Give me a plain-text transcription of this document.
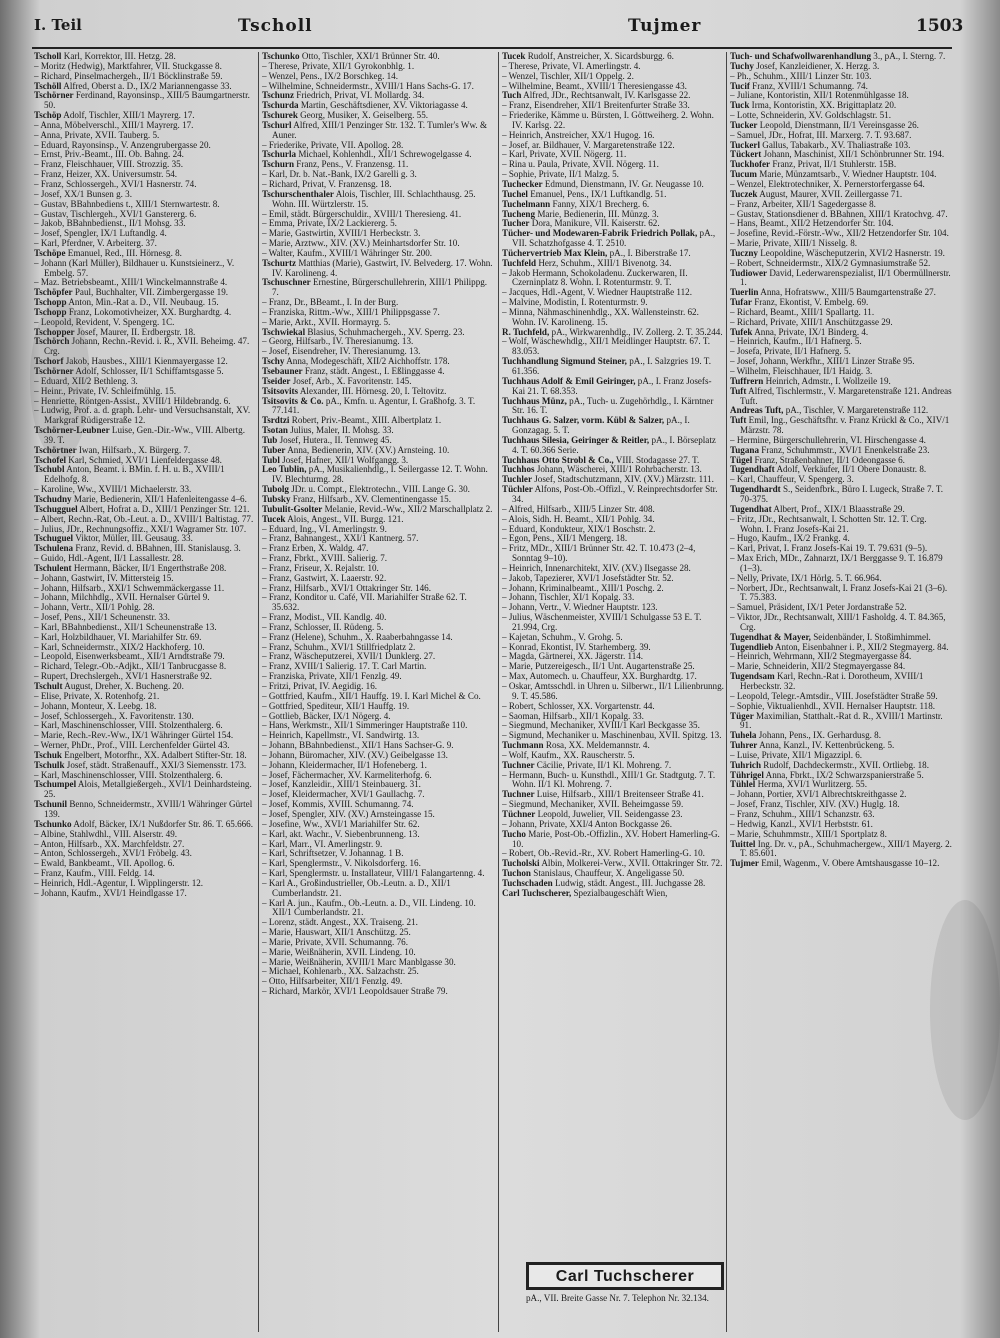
I. Teil	Tscholl	Tujmer	1503

Tscholl Karl, Korrektor, III. Hetzg. 28.

– Moritz (Hedwig), Marktfahrer, VII. Stuckgasse 8.

– Richard, Pinselmachergeh., II/1 Böcklinstraße 59.

Tschöll Alfred, Oberst a. D., IX/2 Mariannengasse 33.

Tschörner Ferdinand, Rayonsinsp., XIII/5 Baumgartnerstr. 50.

Tschöp Adolf, Tischler, XIII/1 Mayrerg. 17.

– Anna, Möbelverschl., XIII/1 Mayrerg. 17.

– Anna, Private, XVII. Tauberg. 5.

– Eduard, Rayonsinsp., V. Anzengrubergasse 20.

– Ernst, Priv.-Beamt., III. Ob. Bahng. 24.

– Franz, Fleischhauer, VIII. Strozzig. 35.

– Franz, Heizer, XX. Universumstr. 54.

– Franz, Schlossergeh., XVI/1 Hasnerstr. 74.

– Josef, XX/1 Bunsen g. 3.

– Gustav, BBahnbediens t., XIII/1 Sternwartestr. 8.

– Gustav, Tischlergeh., XVI/1 Ganstererg. 6.

– Jakob, BBahnbedienst., II/1 Mohsg. 33.

– Josef, Spengler, IX/1 Luftandlg. 4.

– Karl, Pferdner, V. Arbeiterg. 37.

Tschöpe Emanuel, Red., III. Hörnesg. 8.

– Johann (Karl Müller), Bildhauer u. Kunstsieinerz., V. Embelg. 57.

– Maz. Betriebsbeamt., XIII/1 Winckelmannstraße 4.

Tschöpfer Paul, Buchhalter, VII. Zimbergergasse 19.

Tschopp Anton, Min.-Rat a. D., VII. Neubaug. 15.

Tschopp Franz, Lokomotivheizer, XX. Burghardtg. 4.

– Leopold, Revident, V. Spengerg. 1C.

Tschopper Josef, Maurer, II. Erdbergstr. 18.

Tschörch Johann, Rechn.-Revid. i. R., XVII. Beheimg. 47. Crg.

Tschorf Jakob, Hausbes., XIII/1 Kienmayergasse 12.

Tschörner Adolf, Schlosser, II/1 Schiffamtsgasse 5.

– Eduard, XII/2 Bethleng. 3.

– Heinr., Private, IV. Schleifmühlg. 15.

– Henriette, Röntgen-Assist., XVIII/1 Hildebrandg. 6.

– Ludwig, Prof. a. d. graph. Lehr- und Versuchsanstalt, XV. Markgraf Rüdigerstraße 12.

Tschörner-Leubner Luise, Gen.-Dir.-Ww., VIII. Albertg. 39. T.

Tschörtner Iwan, Hilfsarb., X. Bürgerg. 7.

Tschofel Karl, Schmied, XVI/1 Lienfeldergasse 48.

Tschubl Anton, Beamt. i. BMin. f. H. u. B., XVIII/1 Edelhofg. 8.

– Karoline, Ww., XVIII/1 Michaelerstr. 33.

Tschudny Marie, Bedienerin, XII/1 Hafenleitengasse 4–6.

Tschugguel Albert, Hofrat a. D., XIII/1 Penzinger Str. 121.

– Albert, Rechn.-Rat, Ob.-Leut. a. D., XVIII/1 Baltistag. 77.

– Julius, JDr., Rechnungsoffiz., XXI/1 Wagramer Str. 107.

Tschuguel Viktor, Müller, III. Geusaug. 33.

Tschulena Franz, Revid. d. BBahnen, III. Stanislausg. 3.

– Guido, Hdl.-Agent, II/1 Lassallestr. 28.

Tschulent Hermann, Bäcker, II/1 Engerthstraße 208.

– Johann, Gastwirt, IV. Mittersteig 15.

– Johann, Hilfsarb., XXI/1 Schwemmäckergasse 11.

– Johann, Milchhdlg., XVII. Hernalser Gürtel 9.

– Johann, Vertr., XII/1 Pohlg. 28.

– Josef, Pens., XII/1 Scheunenstr. 33.

– Karl, BBahnbedienst., XII/1 Scheunenstraße 13.

– Karl, Holzbildhauer, VI. Mariahilfer Str. 69.

– Karl, Schneidermstr., XIX/2 Hackhoferg. 10.

– Leopold, Eisenwerksbeamt., XII/1 Arndtstraße 79.

– Richard, Telegr.-Ob.-Adjkt., XII/1 Tanbrucgasse 8.

– Rupert, Drechslergeh., XVI/1 Hasnerstraße 92.

Tschult August, Dreher, X. Bucheng. 20.

– Elise, Private, X. Rotenhofg. 21.

– Johann, Monteur, X. Leebg. 18.

– Josef, Schlossergeh., X. Favoritenstr. 130.

– Karl, Maschinenschlosser, VIII. Stolzenthalerg. 6.

– Marie, Rech.-Rev.-Ww., IX/1 Währinger Gürtel 154.

– Werner, PhDr., Prof., VIII. Lerchenfelder Gürtel 43.

Tschuk Engelbert, Motorfhr., XX. Adalbert Stifter-Str. 18.

Tschulk Josef, städt. Straßenauff., XXI/3 Siemensstr. 173.

– Karl, Maschinenschlosser, VIII. Stolzenthalerg. 6.

Tschumpel Alois, Metallgießergeh., XVI/1 Deinhardsteing. 25.

Tschunil Benno, Schneidermstr., XVIII/1 Währinger Gürtel 139.

Tschunko Adolf, Bäcker, IX/1 Nußdorfer Str. 86. T. 65.666.

– Albine, Stahlwdhl., VIII. Alserstr. 49.

– Anton, Hilfsarb., XX. Marchfeldstr. 27.

– Anton, Schlossergeh., XVI/1 Fröbelg. 43.

– Ewald, Bankbeamt., VII. Apollog. 6.

– Franz, Kaufm., VIII. Feldg. 14.

– Heinrich, Hdl.-Agentur, I. Wipplingerstr. 12.

– Johann, Kaufm., XVI/1 Heindlgasse 17.

Tschunko Otto, Tischler, XXI/1 Brünner Str. 40.

– Therese, Private, XII/1 Gyrokonbhlg. 1.

– Wenzel, Pens., IX/2 Borschkeg. 14.

– Wilhelmine, Schneidermstr., XVIII/1 Hans Sachs-G. 17.

Tschunz Friedrich, Privat, VI. Mollardg. 34.

Tschurda Martin, Geschäftsdiener, XV. Viktoriagasse 4.

Tschurek Georg, Musiker, X. Geiselberg. 55.

Tschurl Alfred, XIII/1 Penzinger Str. 132. T. Tumler's Ww. & Auner.

– Friederike, Private, VII. Apollog. 28.

Tschurla Michael, Kohlenhdl., XII/1 Schrewogelgasse 4.

Tschurn Franz, Pens., V. Franzensg. 11.

– Karl, Dr. b. Nat.-Bank, IX/2 Garelli g. 3.

– Richard, Privat, V. Franzensg. 18.

Tschurschenthaler Alois, Tischler, III. Schlachthausg. 25. Wohn. III. Würtzlerstr. 15.

– Emil, städt. Bürgerschuldir., XVIII/1 Theresieng. 41.

– Emma, Private, IX/2 Lackiererg. 5.

– Marie, Gastwirtin, XVIII/1 Herbeckstr. 3.

– Marie, Arztww., XIV. (XV.) Meinhartsdorfer Str. 10.

– Walter, Kaufm., XVIII/1 Währinger Str. 200.

Tschurtz Matthias (Marie), Gastwirt, IV. Belvederg. 17. Wohn. IV. Karolineng. 4.

Tschuschner Ernestine, Bürgerschullehrerin, XIII/1 Philippg. 7.

– Franz, Dr., BBeamt., I. In der Burg.

– Franziska, Rittm.-Ww., XIII/1 Philippsgasse 7.

– Marie, Arkt., XVII. Hormayrg. 5.

Tschwiekal Blasius, Schuhmachergeh., XV. Sperrg. 23.

– Georg, Hilfsarb., IV. Theresianumg. 13.

– Josef, Eisendreher, IV. Theresianumg. 13.

Tschy Anna, Modegeschäft, XII/2 Aichhoffstr. 178.

Tsebauner Franz, städt. Angest., I. Eßlinggasse 4.

Tseider Josef, Arb., X. Favoritenstr. 145.

Tsitsovits Alexander, III. Hörnesg. 20, I. Teltovitz.

Tsitsovits & Co. pA., Kmfn. u. Agentur, I. Graßhofg. 3. T. 77.141.

Tsrdtzi Robert, Priv.-Beamt., XIII. Albertplatz 1.

Tsotan Julius, Maler, II. Mohsg. 33.

Tub Josef, Hutera., II. Tennweg 45.

Tuber Anna, Bedienerin, XIV. (XV.) Arnsteing. 10.

Tubl Josef, Hafner, XII/1 Wolfgangg. 3.

Leo Tublin, pA., Musikalienhdlg., I. Seilergasse 12. T. Wohn. IV. Blechturmg. 28.

Tubolg JDr. u. Compt., Elektrotechn., VIII. Lange G. 30.

Tubsky Franz, Hilfsarb., XV. Clementinengasse 15.

Tubulit-Gsolter Melanie, Revid.-Ww., XII/2 Marschallplatz 2.

Tucek Alois, Angest., VII. Burgg. 121.

– Eduard, Ing., VI. Amerlingstr. 9.

– Franz, Bahnangest., XXI/1 Kantnerg. 57.

– Franz Erben, X. Waldg. 47.

– Franz, Fbrkt., XVIII. Salierig. 7.

– Franz, Friseur, X. Rejalstr. 10.

– Franz, Gastwirt, X. Laaerstr. 92.

– Franz, Hilfsarb., XVI/1 Ottakringer Str. 146.

– Franz, Konditor u. Café, VII. Mariahilfer Straße 62. T. 35.632.

– Franz, Modist., VII. Kandlg. 40.

– Franz, Schlosser, II. Rüdeng. 5.

– Franz (Helene), Schuhm., X. Raaberbahngasse 14.

– Franz, Schuhm., XVI/1 Stillfriedplatz 2.

– Franz, Wäscheputzerei, XVII/1 Dunklerg. 27.

– Franz, XVIII/1 Salierig. 17. T. Carl Martin.

– Franziska, Private, XII/1 Fenzlg. 49.

– Fritzi, Privat, IV. Aegidig. 16.

– Gottfried, Kaufm., XII/1 Hauffg. 19. I. Karl Michel & Co.

– Gottfried, Spediteur, XII/1 Hauffg. 19.

– Gottlieb, Bäcker, IX/1 Nögerg. 4.

– Hans, Werkmstr., XII/1 Simmeringer Hauptstraße 110.

– Heinrich, Kapellmstr., VI. Sandwirtg. 13.

– Johann, BBahnbedienst., XII/1 Hans Sachser-G. 9.

– Johann, Büromacher, XIV. (XV.) Geibelgasse 13.

– Johann, Kleidermacher, II/1 Hofeneberg. 1.

– Josef, Fächermacher, XV. Karmeliterhofg. 6.

– Josef, Kanzleidir., XIII/1 Steinbauerg. 31.

– Josef, Kleidermacher, XVI/1 Gaullachg. 7.

– Josef, Kommis, XVIII. Schumanng. 74.

– Josef, Spengler, XIV. (XV.) Arnsteingasse 15.

– Josefine, Ww., XVI/1 Mariahilfer Str. 62.

– Karl, akt. Wachr., V. Siebenbrunneng. 13.

– Karl, Marr., VI. Amerlingstr. 9.

– Karl, Schriftsetzer, V. Johannag. 1 B.

– Karl, Spenglermstr., V. Nikolsdorferg. 16.

– Karl, Spenglermstr. u. Installateur, VIII/1 Falangartenng. 4.

– Karl A., Großindustrieller, Ob.-Leutn. a. D., XII/1 Cumberlandstr. 21.

– Karl A. jun., Kaufm., Ob.-Leutn. a. D., VII. Lindeng. 10. XII/1 Cumberlandstr. 21.

– Lorenz, städt. Angest., XX. Traiseng. 21.

– Marie, Hauswart, XII/1 Anschützg. 25.

– Marie, Private, XVII. Schumanng. 76.

– Marie, Weißnäherin, XVII. Lindeng. 10.

– Marie, Weißnäherin, XVIII/1 Marc Manblgasse 30.

– Michael, Kohlenarb., XX. Salzachstr. 25.

– Otto, Hilfsarbeiter, XII/1 Fenzlg. 49.

– Richard, Markör, XVI/1 Leopoldsauer Straße 79.

Tucek Rudolf, Anstreicher, X. Sicardsburgg. 6.

– Therese, Private, VI. Amerlingstr. 4.

– Wenzel, Tischler, XII/1 Oppelg. 2.

– Wilhelmine, Beamt., XVIII/1 Theresiengasse 43.

Tuch Alfred, JDr., Rechtsanwalt, IV. Karlsgasse 22.

– Franz, Eisendreher, XII/1 Breitenfurter Straße 33.

– Friederike, Kämme u. Bürsten, I. Göttweiherg. 2. Wohn. IV. Karlsg. 22.

– Heinrich, Anstreicher, XX/1 Hugog. 16.

– Josef, ar. Bildhauer, V. Margaretenstraße 122.

– Karl, Private, XVII. Nögerg. 11.

– Rina u. Paula, Private, XVII. Nögerg. 11.

– Sophie, Private, II/1 Malzg. 5.

Tuchecker Edmund, Dienstmann, IV. Gr. Neugasse 10.

Tuchel Emanuel, Pens., IX/1 Luftkandlg. 51.

Tuchelmann Fanny, XIX/1 Brecherg. 6.

Tucheng Marie, Bedienerin, III. Münzg. 3.

Tucher Dora, Manikure, VII. Kaiserstr. 62.

Tücher- und Modewaren-Fabrik Friedrich Pollak, pA., VII. Schatzhofgasse 4. T. 2510.

Tüchervertrieb Max Klein, pA., I. Biberstraße 17.

Tuchfeld Herz, Schuhm., XIII/1 Bivenotg. 34.

– Jakob Hermann, Schokoladenu. Zuckerwaren, II. Czerninplatz 8. Wohn. I. Rotenturmstr. 9. T.

– Jacques, Hdl.-Agent, V. Wiedner Hauptstraße 112.

– Malvine, Modistin, I. Rotenturmstr. 9.

– Minna, Nähmaschinenhdlg., XX. Wallensteinstr. 62. Wohn. IV. Karolineng. 15.

R. Tuchfeld, pA., Wirkwarenhdlg., IV. Zollerg. 2. T. 35.244.

– Wolf, Wäschewhdlg., XII/1 Meidlinger Hauptstr. 67. T. 83.053.

Tuchhandlung Sigmund Steiner, pA., I. Salzgries 19. T. 61.356.

Tuchhaus Adolf & Emil Geiringer, pA., I. Franz Josefs-Kai 21. T. 68.353.

Tuchhaus Münz, pA., Tuch- u. Zugehörhdlg., I. Kärntner Str. 16. T.

Tuchhaus G. Salzer, vorm. Kübl & Salzer, pA., I. Gonzagag. 5. T.

Tuchhaus Silesia, Geiringer & Reitler, pA., I. Börseplatz 4. T. 60.366 Serie.

Tuchhaus Otto Strobl & Co., VIII. Stodagasse 27. T.

Tuchhos Johann, Wäscherei, XIII/1 Rohrbacherstr. 13.

Tuchler Josef, Stadtschutzmann, XIV. (XV.) Märzstr. 111.

Tüchler Alfons, Post-Ob.-Offizl., V. Reinprechtsdorfer Str. 34.

– Alfred, Hilfsarb., XIII/5 Linzer Str. 408.

– Alois, Sidh. H. Beamt., XII/1 Pohlg. 34.

– Eduard, Kondukteur, XIX/1 Boschstr. 2.

– Egon, Pens., XII/1 Mengerg. 18.

– Fritz, MDr., XIII/1 Brünner Str. 42. T. 10.473 (2–4, Sonntag 9–10).

– Heinrich, Innenarchitekt, XIV. (XV.) Ilsegasse 28.

– Jakob, Tapezierer, XVI/1 Josefstädter Str. 52.

– Johann, Kriminalbeamt., XIII/1 Poschg. 2.

– Johann, Tischler, XI/1 Kopalg. 33.

– Johann, Vertr., V. Wiedner Hauptstr. 123.

– Julius, Wäschenmeister, XVIII/1 Schulgasse 53 E. T. 21.994, Crg.

– Kajetan, Schuhm., V. Grohg. 5.

– Konrad, Ekontist, IV. Starhemberg. 39.

– Magda, Gärtnerei, XX. Jägerstr. 114.

– Marie, Putzereigesch., II/1 Unt. Augartenstraße 25.

– Max, Automech. u. Chauffeur, XX. Burghardtg. 17.

– Oskar, Amtsschdl. in Uhren u. Silberwr., II/1 Lilienbrunng. 9. T. 45.586.

– Robert, Schlosser, XX. Vorgartenstr. 44.

– Saoman, Hilfsarb., XII/1 Kopalg. 33.

– Siegmund, Mechaniker, XVIII/1 Karl Beckgasse 35.

– Sigmund, Mechaniker u. Maschinenbau, XVII. Spitzg. 13.

Tuchmann Rosa, XX. Meldemannstr. 4.

– Wolf, Kaufm., XX. Rauscherstr. 5.

Tuchner Cäcilie, Private, II/1 Kl. Mohreng. 7.

– Hermann, Buch- u. Kunsthdl., XIII/1 Gr. Stadtgutg. 7. T. Wohn. II/1 Kl. Mohreng. 7.

Tuchner Luise, Hilfsarb., XIII/1 Breitenseer Straße 41.

– Siegmund, Mechaniker, XVII. Beheimgasse 59.

Tüchner Leopold, Juwelier, VII. Seidengasse 23.

– Johann, Private, XXI/4 Anton Bockgasse 26.

Tucho Marie, Post-Ob.-Offizlin., XV. Hobert Hamerling-G. 10.

– Robert, Ob.-Revid.-Rr., XV. Robert Hamerling-G. 10.

Tucholski Albin, Molkerei-Verw., XVII. Ottakringer Str. 72.

Tuchon Stanislaus, Chauffeur, X. Angeligasse 50.

Tuchschaden Ludwig, städt. Angest., III. Juchgasse 28.

Carl Tuchscherer, Spezialbaugeschäft Wien,

Tuch- und Schafwollwarenhandlung 3., pA., I. Sterng. 7.

Tuchy Josef, Kanzleidiener, X. Herzg. 3.

– Ph., Schuhm., XIII/1 Linzer Str. 103.

Tucif Franz, XVIII/1 Schumanng. 74.

– Juliane, Kontoristin, XII/1 Rotenmühlgasse 18.

Tuck Irma, Kontoristin, XX. Brigittaplatz 20.

– Lotte, Schneiderin, XV. Goldschlagstr. 51.

Tucker Leopold, Dienstmann, II/1 Vereinsgasse 26.

– Samuel, JDr., Hofrat, III. Marxerg. 7. T. 93.687.

Tuckerl Gallus, Tabakarb., XV. Thaliastraße 103.

Tückert Johann, Maschinist, XII/1 Schönbrunner Str. 194.

Tuckhofer Franz, Privat, II/1 Stuhlerstr. 15B.

Tucum Marie, Münzamtsarb., V. Wiedner Hauptstr. 104.

– Wenzel, Elektrotechniker, X. Pernerstorfergasse 64.

Tuczek August, Maurer, XVII. Zeillergasse 71.

– Franz, Arbeiter, XII/1 Sagedergasse 8.

– Gustav, Stationsdiener d. BBahnen, XIII/1 Kratochvg. 47.

– Hans, Beamt., XII/2 Hetzendorfer Str. 104.

– Josefine, Revid.-Förstr.-Ww., XII/2 Hetzendorfer Str. 104.

– Marie, Private, XIII/1 Nisselg. 8.

Tuczny Leopoldine, Wäscheputzerin, XVI/2 Hasnerstr. 19.

– Robert, Schneidermstr., XIX/2 Gymnasiumstraße 52.

Tudiower David, Lederwarenspezialist, II/1 Obermüllnerstr. 1.

Tuerlin Anna, Hofratsww., XIII/5 Baumgartenstraße 27.

Tufar Franz, Ekontist, V. Embelg. 69.

– Richard, Beamt., XIII/1 Spallartg. 11.

– Richard, Private, XIII/1 Anschützgasse 29.

Tufek Anna, Private, IX/1 Binderg. 4.

– Heinrich, Kaufm., II/1 Hafnerg. 5.

– Josefa, Private, II/1 Hafnerg. 5.

– Josef, Johann, Werkfhr., XIII/1 Linzer Straße 95.

– Wilhelm, Fleischhauer, II/1 Haidg. 3.

Tuffrern Heinrich, Admstr., I. Wollzeile 19.

Tuft Alfred, Tischlermstr., V. Margaretenstraße 121. Andreas Tuft.

Andreas Tuft, pA., Tischler, V. Margaretenstraße 112.

Tuft Emil, Ing., Geschäftsfhr. v. Franz Krückl & Co., XIV/1 Märzstr. 78.

– Hermine, Bürgerschullehrerin, VI. Hirschengasse 4.

Tugana Franz, Schuhmmstr., XVI/1 Enenkelstraße 23.

Tügel Franz, Straßenbahner, II/1 Odeongasse 6.

Tugendhaft Adolf, Verkäufer, II/1 Obere Donaustr. 8.

– Karl, Chauffeur, V. Spengerg. 3.

Tugendhardt S., Seidenfbrk., Büro I. Lugeck, Straße 7. T. 70-375.

Tugendhat Albert, Prof., XIX/1 Blaasstraße 29.

– Fritz, JDr., Rechtsanwalt, I. Schotten Str. 12. T. Crg. Wohn. I. Franz Josefs-Kai 21.

– Hugo, Kaufm., IX/2 Frankg. 4.

– Karl, Privat, I. Franz Josefs-Kai 19. T. 79.631 (9–5).

– Max Erich, MDr., Zahnarzt, IX/1 Berggasse 9. T. 16.879 (1–3).

– Nelly, Private, IX/1 Hörlg. 5. T. 66.964.

– Norbert, JDr., Rechtsanwalt, I. Franz Josefs-Kai 21 (3–6). T. 75.383.

– Samuel, Präsident, IX/1 Peter Jordanstraße 52.

– Viktor, JDr., Rechtsanwalt, XIII/1 Fasholdg. 4. T. 84.365, Crg.

Tugendhat & Mayer, Seidenbänder, I. Stoßimhimmel.

Tugendlieb Anton, Eisenbahner i. P., XII/2 Stegmayerg. 84.

– Heinrich, Wehrmann, XII/2 Stegmayergasse 84.

– Marie, Schneiderin, XII/2 Stegmayergasse 84.

Tugendsam Karl, Rechn.-Rat i. Dorotheum, XVIII/1 Herbeckstr. 32.

– Leopold, Telegr.-Amtsdir., VIII. Josefstädter Straße 59.

– Sophie, Viktualienhdl., XVII. Hernalser Hauptstr. 118.

Tüger Maximilian, Statthalt.-Rat d. R., XVIII/1 Martinstr. 91.

Tuhela Johann, Pens., IX. Gerhardusg. 8.

Tuhrer Anna, Kanzl., IV. Kettenbrückeng. 5.

– Luise, Private, XII/1 Migazzipl. 6.

Tuhrich Rudolf, Dachdeckermstr., XVII. Ortliebg. 18.

Tührigel Anna, Fbrkt., IX/2 Schwarzspanierstraße 5.

Tühlel Herma, XVI/1 Wurlitzerg. 55.

– Johann, Portier, XVI/1 Albrechtskreithgasse 2.

– Josef, Franz, Tischler, XIV. (XV.) Huglg. 18.

– Franz, Schuhm., XIII/1 Schanzstr. 63.

– Hedwig, Kanzl., XVI/1 Herbststr. 61.

– Marie, Schuhmmstr., XIII/1 Sportplatz 8.

Tuittel Ing. Dr. v., pA., Schuhmachergew., XIII/1 Mayerg. 2. T. 85.601.

Tujmer Emil, Wagenm., V. Obere Amtshausgasse 10–12.

Carl Tuchscherer
pA., VII. Breite Gasse Nr. 7. Telephon Nr. 32.134.
